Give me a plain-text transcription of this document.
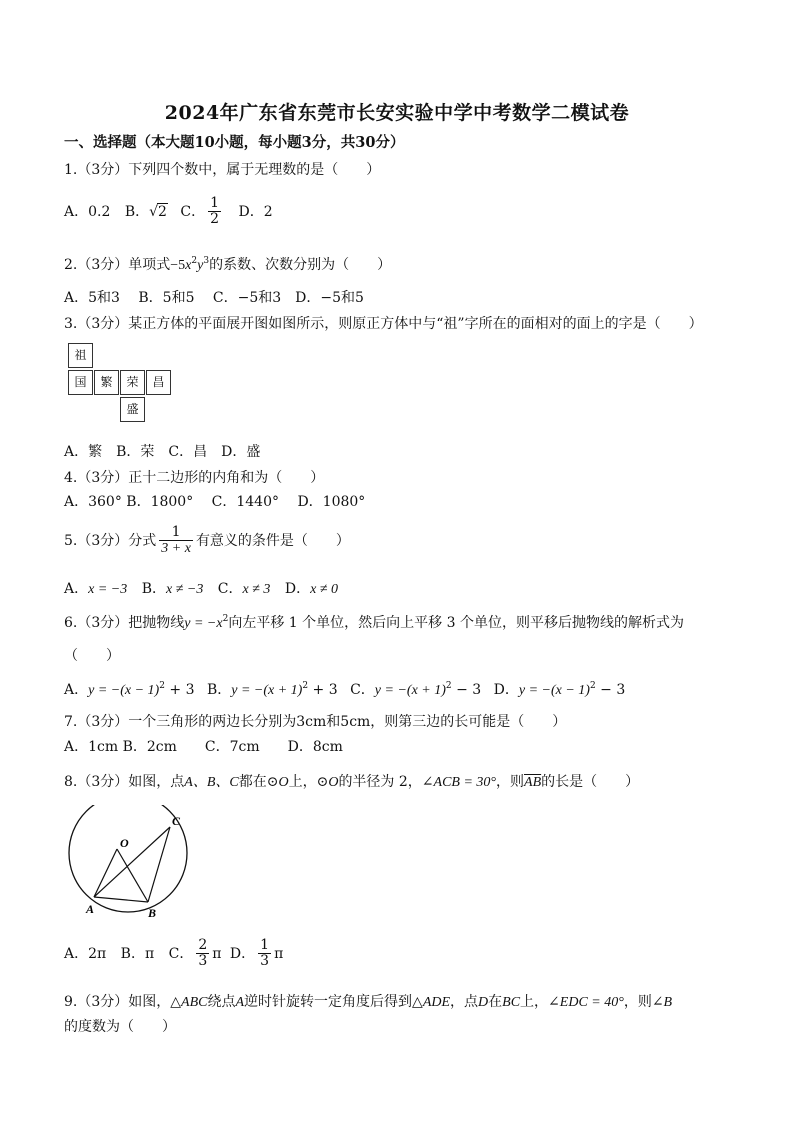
2024年广东省东莞市长安实验中学中考数学二模试卷
一、选择题（本大题10小题，每小题3分，共30分）
1.（3分）下列四个数中，属于无理数的是（　　）
A．0.2 B．√2 C． $\frac{1}{2}$ D．2
2.（3分）单项式$-5x^2y^3$的系数、次数分别为（　　）
A．5和3　 B．5和5　 C．−5和3　D．−5和5
3.（3分）某正方体的平面展开图如图所示，则原正方体中与“祖”字所在的面相对的面上的字是（　　）
祖
国	繁	荣	昌
盛
A．繁　B．荣　C．昌　D．盛
4.（3分）正十二边形的内角和为（　　）
A．360° B．1800°　 C．1440°　 D．1080°
5.（3分）分式 $\frac{1}{3 + x}$ 有意义的条件是（　　）
A．x = −3 B．x ≠ −3 C．x ≠ 3 D．x ≠ 0
6.（3分）把抛物线$y = -x^2$向左平移 1 个单位，然后向上平移 3 个单位，则平移后抛物线的解析式为
（　　）
A．$y = -(x - 1)^2 + 3$ B．$y = -(x + 1)^2 + 3$ C．$y = -(x + 1)^2 - 3$ D．$y = -(x - 1)^2 - 3$
7.（3分）一个三角形的两边长分别为3cm和5cm，则第三边的长可能是（　　）
A．1cm B．2cm　　C．7cm　　D．8cm
8.（3分）如图，点A、B、C都在⊙O上，⊙O的半径为 2，∠ACB = 30°，则$\overline{AB}$的长是（　　）
O
C
A	B
A．2π B．π C． $\frac{2}{3}$ π D． $\frac{1}{3}$ π
9.（3分）如图，△ABC绕点A逆时针旋转一定角度后得到△ADE，点D在BC上，∠EDC = 40°，则∠B
的度数为（　　）
